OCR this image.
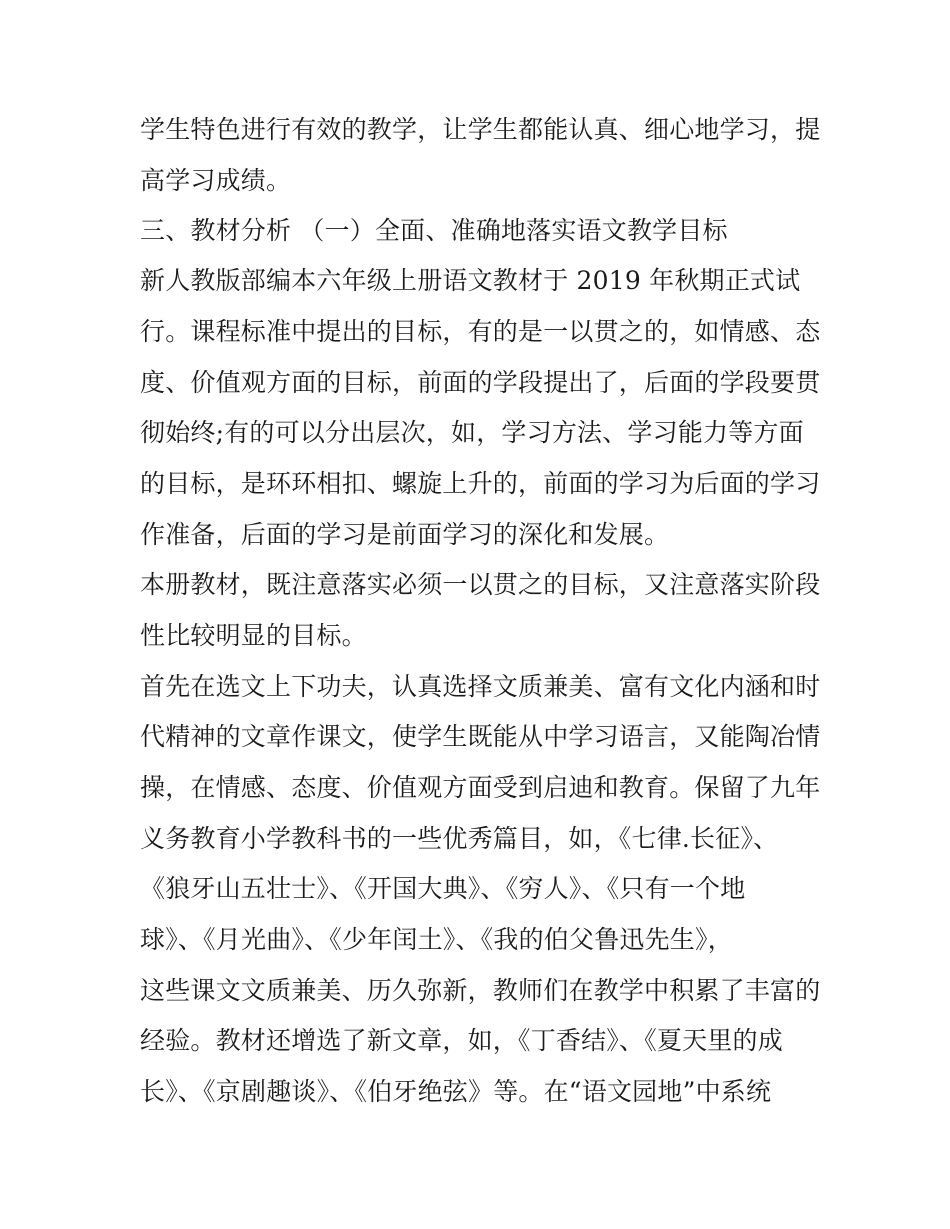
学生特色进行有效的教学，让学生都能认真、细心地学习，提
高学习成绩。
三、教材分析 （一）全面、准确地落实语文教学目标
新人教版部编本六年级上册语文教材于 2019 年秋期正式试
行。课程标准中提出的目标，有的是一以贯之的，如情感、态
度、价值观方面的目标，前面的学段提出了，后面的学段要贯
彻始终;有的可以分出层次，如，学习方法、学习能力等方面
的目标，是环环相扣、螺旋上升的，前面的学习为后面的学习
作准备，后面的学习是前面学习的深化和发展。
本册教材，既注意落实必须一以贯之的目标，又注意落实阶段
性比较明显的目标。
首先在选文上下功夫，认真选择文质兼美、富有文化内涵和时
代精神的文章作课文，使学生既能从中学习语言，又能陶冶情
操，在情感、态度、价值观方面受到启迪和教育。保留了九年
义务教育小学教科书的一些优秀篇目，如，《七律.长征》、
《狼牙山五壮士》、《开国大典》、《穷人》、《只有一个地
球》、《月光曲》、《少年闰土》、《我的伯父鲁迅先生》，
这些课文文质兼美、历久弥新，教师们在教学中积累了丰富的
经验。教材还增选了新文章，如，《丁香结》、《夏天里的成
长》、《京剧趣谈》、《伯牙绝弦》等。在“语文园地”中系统
